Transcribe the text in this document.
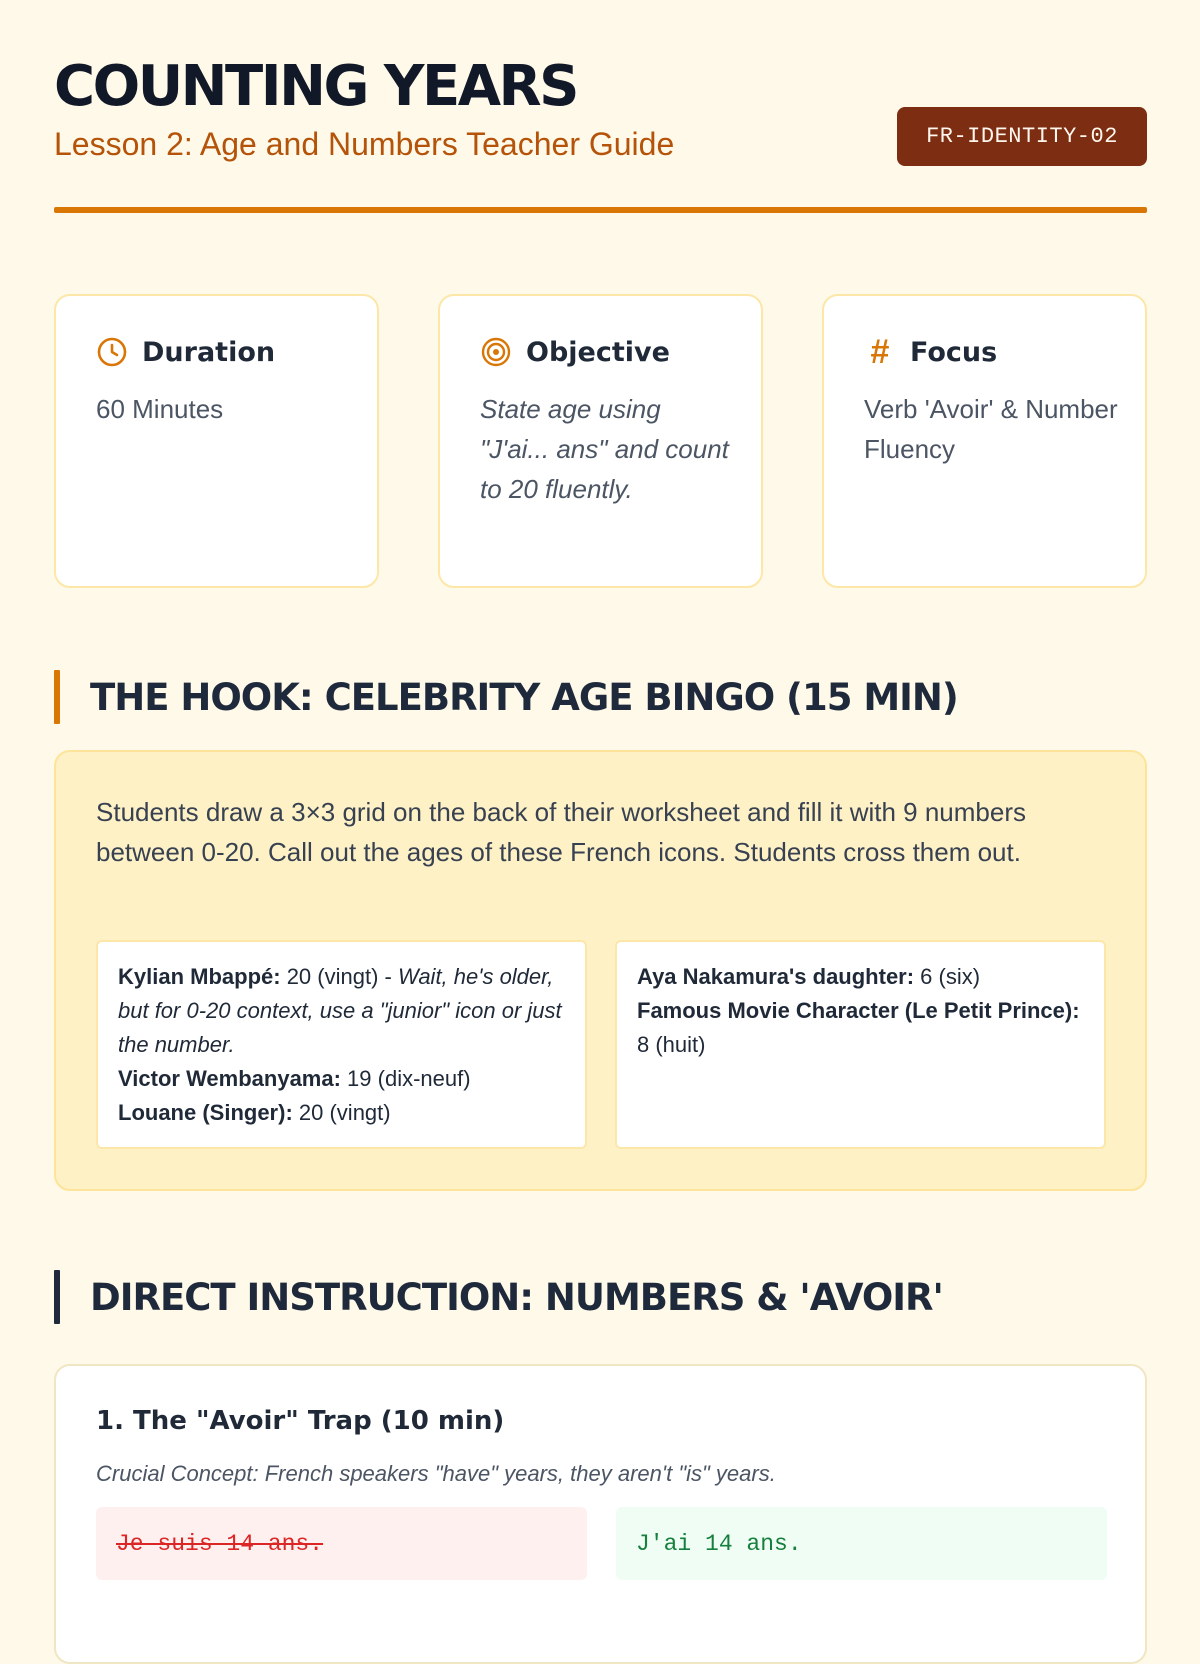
COUNTING YEARS

Lesson 2: Age and Numbers Teacher Guide	FR-IDENTITY-02
Duration
60 Minutes
Objective
State age using "J'ai... ans" and count to 20 fluently.
# Focus
Verb 'Avoir' & Number Fluency
THE HOOK: CELEBRITY AGE BINGO (15 MIN)

Students draw a 3×3 grid on the back of their worksheet and fill it with 9 numbers between 0-20. Call out the ages of these French icons. Students cross them out.

Kylian Mbappé: 20 (vingt) - Wait, he's older, but for 0-20 context, use a "junior" icon or just the number.
Victor Wembanyama: 19 (dix-neuf)
Louane (Singer): 20 (vingt)
Aya Nakamura's daughter: 6 (six)
Famous Movie Character (Le Petit Prince): 8 (huit)
DIRECT INSTRUCTION: NUMBERS & 'AVOIR'
1. The "Avoir" Trap (10 min)

Crucial Concept: French speakers "have" years, they aren't "is" years.

Je suis 14 ans.	J'ai 14 ans.
